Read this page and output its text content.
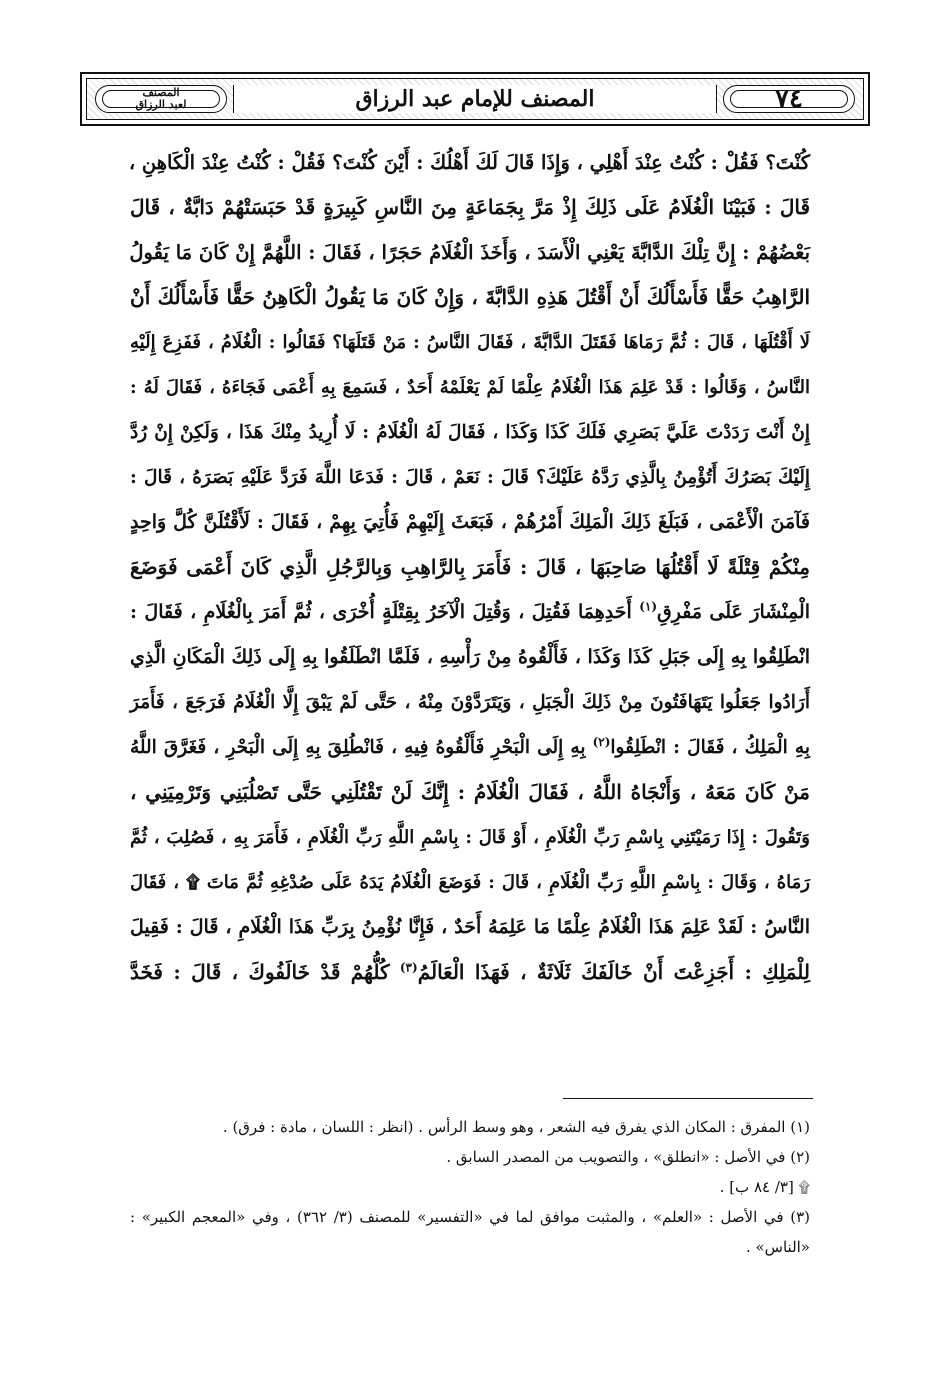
٧٤
المصنف للإمام عبد الرزاق
المصنف
لعبد الرزاق
كُنْتَ؟ فَقُلْ : كُنْتُ عِنْدَ أَهْلِي ، وَإِذَا قَالَ لَكَ أَهْلُكَ : أَيْنَ كُنْتَ؟ فَقُلْ : كُنْتُ عِنْدَ الْكَاهِنِ ،
قَالَ : فَبَيْنَا الْغُلَامُ عَلَى ذَلِكَ إِذْ مَرَّ بِجَمَاعَةٍ مِنَ النَّاسِ كَبِيرَةٍ قَدْ حَبَسَتْهُمْ دَابَّةٌ ، قَالَ
بَعْضُهُمْ : إِنَّ تِلْكَ الدَّابَّةَ يَعْنِي الْأَسَدَ ، وَأَخَذَ الْغُلَامُ حَجَرًا ، فَقَالَ : اللَّهُمَّ إِنْ كَانَ مَا يَقُولُ
الرَّاهِبُ حَقًّا فَأَسْأَلُكَ أَنْ أَقْتُلَ هَذِهِ الدَّابَّةَ ، وَإِنْ كَانَ مَا يَقُولُ الْكَاهِنُ حَقًّا فَأَسْأَلُكَ أَنْ
لَا أَقْتُلَهَا ، قَالَ : ثُمَّ رَمَاهَا فَقَتَلَ الدَّابَّةَ ، فَقَالَ النَّاسُ : مَنْ قَتَلَهَا؟ فَقَالُوا : الْغُلَامُ ، فَفَزِعَ إِلَيْهِ
النَّاسُ ، وَقَالُوا : قَدْ عَلِمَ هَذَا الْغُلَامُ عِلْمًا لَمْ يَعْلَمْهُ أَحَدٌ ، فَسَمِعَ بِهِ أَعْمَى فَجَاءَهُ ، فَقَالَ لَهُ :
إِنْ أَنْتَ رَدَدْتَ عَلَيَّ بَصَرِي فَلَكَ كَذَا وَكَذَا ، فَقَالَ لَهُ الْغُلَامُ : لَا أُرِيدُ مِنْكَ هَذَا ، وَلَكِنْ إِنْ رُدَّ
إِلَيْكَ بَصَرُكَ أَتُؤْمِنُ بِالَّذِي رَدَّهُ عَلَيْكَ؟ قَالَ : نَعَمْ ، قَالَ : فَدَعَا اللَّهَ فَرَدَّ عَلَيْهِ بَصَرَهُ ، قَالَ :
فَآمَنَ الْأَعْمَى ، فَبَلَغَ ذَلِكَ الْمَلِكَ أَمْرُهُمْ ، فَبَعَثَ إِلَيْهِمْ فَأُتِيَ بِهِمْ ، فَقَالَ : لَأَقْتُلَنَّ كُلَّ وَاحِدٍ
مِنْكُمْ قِتْلَةً لَا أَقْتُلُهَا صَاحِبَهَا ، قَالَ : فَأَمَرَ بِالرَّاهِبِ وَبِالرَّجُلِ الَّذِي كَانَ أَعْمَى فَوَضَعَ
الْمِنْشَارَ عَلَى مَفْرِقِ$^{(١)}$ أَحَدِهِمَا فَقُتِلَ ، وَقُتِلَ الْآخَرُ بِقِتْلَةٍ أُخْرَى ، ثُمَّ أَمَرَ بِالْغُلَامِ ، فَقَالَ :
انْطَلِقُوا بِهِ إِلَى جَبَلِ كَذَا وَكَذَا ، فَأَلْقُوهُ مِنْ رَأْسِهِ ، فَلَمَّا انْطَلَقُوا بِهِ إِلَى ذَلِكَ الْمَكَانِ الَّذِي
أَرَادُوا جَعَلُوا يَتَهَافَتُونَ مِنْ ذَلِكَ الْجَبَلِ ، وَيَتَرَدَّوْنَ مِنْهُ ، حَتَّى لَمْ يَبْقَ إِلَّا الْغُلَامُ فَرَجَعَ ، فَأَمَرَ
بِهِ الْمَلِكُ ، فَقَالَ : انْطَلِقُوا$^{(٢)}$ بِهِ إِلَى الْبَحْرِ فَأَلْقُوهُ فِيهِ ، فَانْطُلِقَ بِهِ إِلَى الْبَحْرِ ، فَغَرَّقَ اللَّهُ
مَنْ كَانَ مَعَهُ ، وَأَنْجَاهُ اللَّهُ ، فَقَالَ الْغُلَامُ : إِنَّكَ لَنْ تَقْتُلَنِي حَتَّى تَصْلُبَنِي وَتَرْمِيَنِي ،
وَتَقُولَ : إِذَا رَمَيْتَنِي بِاسْمِ رَبِّ الْغُلَامِ ، أَوْ قَالَ : بِاسْمِ اللَّهِ رَبِّ الْغُلَامِ ، فَأَمَرَ بِهِ ، فَصُلِبَ ، ثُمَّ
رَمَاهُ ، وَقَالَ : بِاسْمِ اللَّهِ رَبِّ الْغُلَامِ ، قَالَ : فَوَضَعَ الْغُلَامُ يَدَهُ عَلَى صُدْغِهِ ثُمَّ مَاتَ ۩ ، فَقَالَ
النَّاسُ : لَقَدْ عَلِمَ هَذَا الْغُلَامُ عِلْمًا مَا عَلِمَهُ أَحَدٌ ، فَإِنَّا نُؤْمِنُ بِرَبِّ هَذَا الْغُلَامِ ، قَالَ : فَقِيلَ
لِلْمَلِكِ : أَجَزِعْتَ أَنْ خَالَفَكَ ثَلَاثَةٌ ، فَهَذَا الْعَالَمُ$^{(٣)}$ كُلُّهُمْ قَدْ خَالَفُوكَ ، قَالَ : فَخَدَّ
(١) المفرق : المكان الذي يفرق فيه الشعر ، وهو وسط الرأس . (انظر : اللسان ، مادة : فرق) .
(٢) في الأصل : «انطلق» ، والتصويب من المصدر السابق .
۩ [٣/ ٨٤ ب] .
(٣) في الأصل : «العلم» ، والمثبت موافق لما في «التفسير» للمصنف (٣/ ٣٦٢) ، وفي «المعجم الكبير» :
«الناس» .
